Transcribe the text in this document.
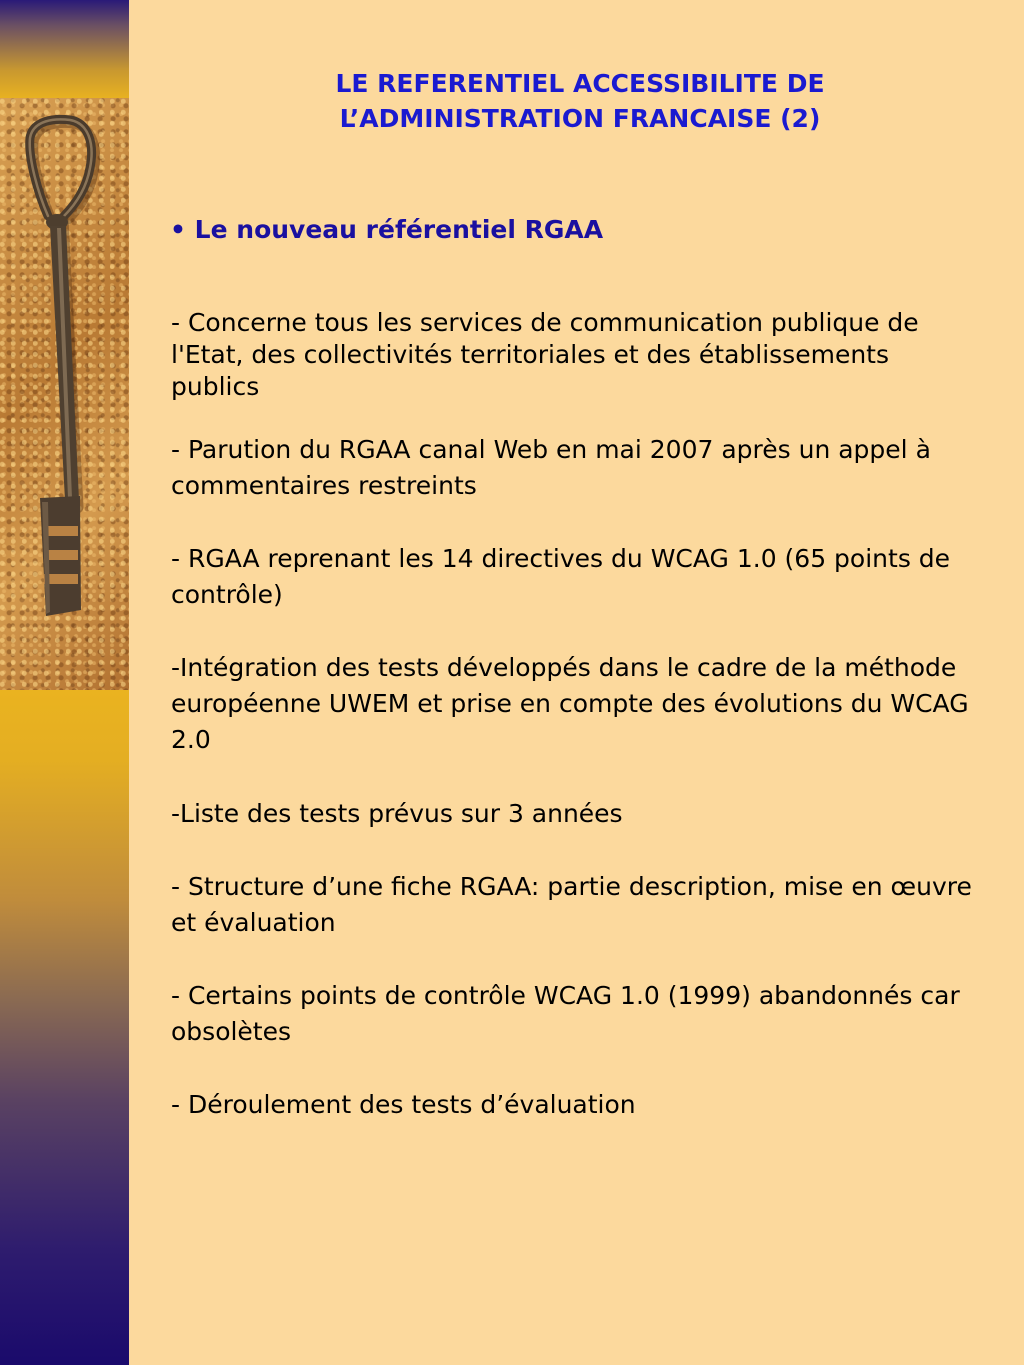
LE REFERENTIEL ACCESSIBILITE DE
L’ADMINISTRATION FRANCAISE (2)
• Le nouveau référentiel RGAA
- Concerne tous les services de communication publique de l'Etat, des collectivités territoriales et des établissements publics
- Parution du RGAA canal Web en mai 2007 après un appel à commentaires restreints
- RGAA reprenant les 14 directives du WCAG 1.0 (65 points de contrôle)
-Intégration des tests développés dans le cadre de la méthode européenne UWEM et prise en compte des évolutions du WCAG 2.0
-Liste des tests prévus sur 3 années
- Structure d’une fiche RGAA: partie description, mise en œuvre et évaluation
- Certains points de contrôle WCAG 1.0 (1999) abandonnés car obsolètes
- Déroulement des tests d’évaluation
